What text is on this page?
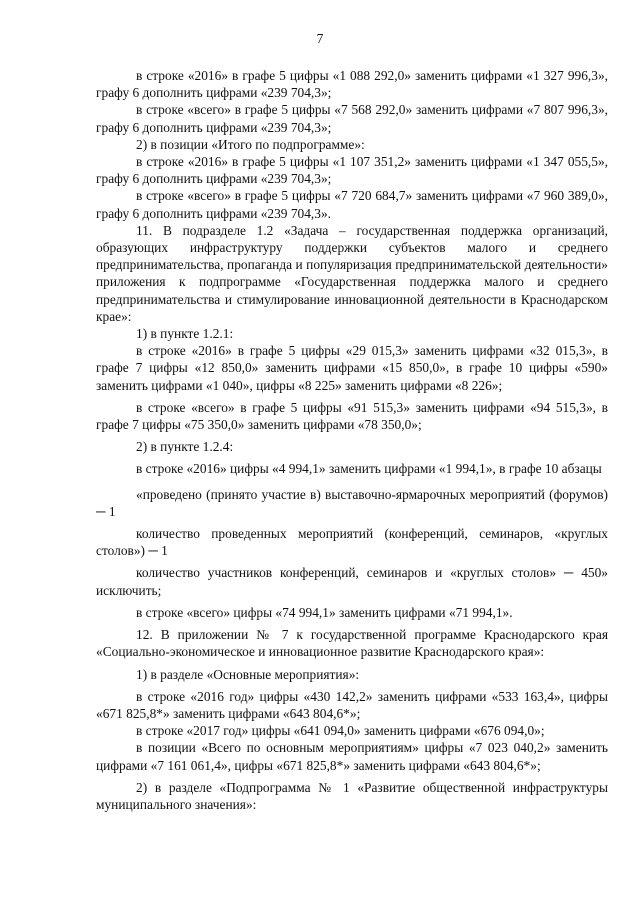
7

в строке «2016» в графе 5 цифры «1 088 292,0» заменить цифрами «1 327 996,3», графу 6 дополнить цифрами «239 704,3»;

в строке «всего» в графе 5 цифры «7 568 292,0» заменить цифрами «7 807 996,3», графу 6 дополнить цифрами «239 704,3»;

2) в позиции «Итого по подпрограмме»:

в строке «2016» в графе 5 цифры «1 107 351,2» заменить цифрами «1 347 055,5», графу 6 дополнить цифрами «239 704,3»;

в строке «всего» в графе 5 цифры «7 720 684,7» заменить цифрами «7 960 389,0», графу 6 дополнить цифрами «239 704,3».

11. В подразделе 1.2 «Задача – государственная поддержка организаций, образующих инфраструктуру поддержки субъектов малого и среднего предпринимательства, пропаганда и популяризация предпринимательской деятельности» приложения к подпрограмме «Государственная поддержка малого и среднего предпринимательства и стимулирование инновационной деятельности в Краснодарском крае»:

1) в пункте 1.2.1:

в строке «2016» в графе 5 цифры «29 015,3» заменить цифрами «32 015,3», в графе 7 цифры «12 850,0» заменить цифрами «15 850,0», в графе 10 цифры «590» заменить цифрами «1 040», цифры «8 225» заменить цифрами «8 226»;

в строке «всего» в графе 5 цифры «91 515,3» заменить цифрами «94 515,3», в графе 7 цифры «75 350,0» заменить цифрами «78 350,0»;

2) в пункте 1.2.4:

в строке «2016» цифры «4 994,1» заменить цифрами «1 994,1», в графе 10 абзацы

«проведено (принято участие в) выставочно-ярмарочных мероприятий (форумов) ─ 1

количество проведенных мероприятий (конференций, семинаров, «круглых столов») ─ 1

количество участников конференций, семинаров и «круглых столов» ─ 450» исключить;

в строке «всего» цифры «74 994,1» заменить цифрами «71 994,1».

12. В приложении № 7 к государственной программе Краснодарского края «Социально-экономическое и инновационное развитие Краснодарского края»:

1) в разделе «Основные мероприятия»:

в строке «2016 год» цифры «430 142,2» заменить цифрами «533 163,4», цифры «671 825,8*» заменить цифрами «643 804,6*»;

в строке «2017 год» цифры «641 094,0» заменить цифрами «676 094,0»;

в позиции «Всего по основным мероприятиям» цифры «7 023 040,2» заменить цифрами «7 161 061,4», цифры «671 825,8*» заменить цифрами «643 804,6*»;

2) в разделе «Подпрограмма № 1 «Развитие общественной инфраструктуры муниципального значения»:
